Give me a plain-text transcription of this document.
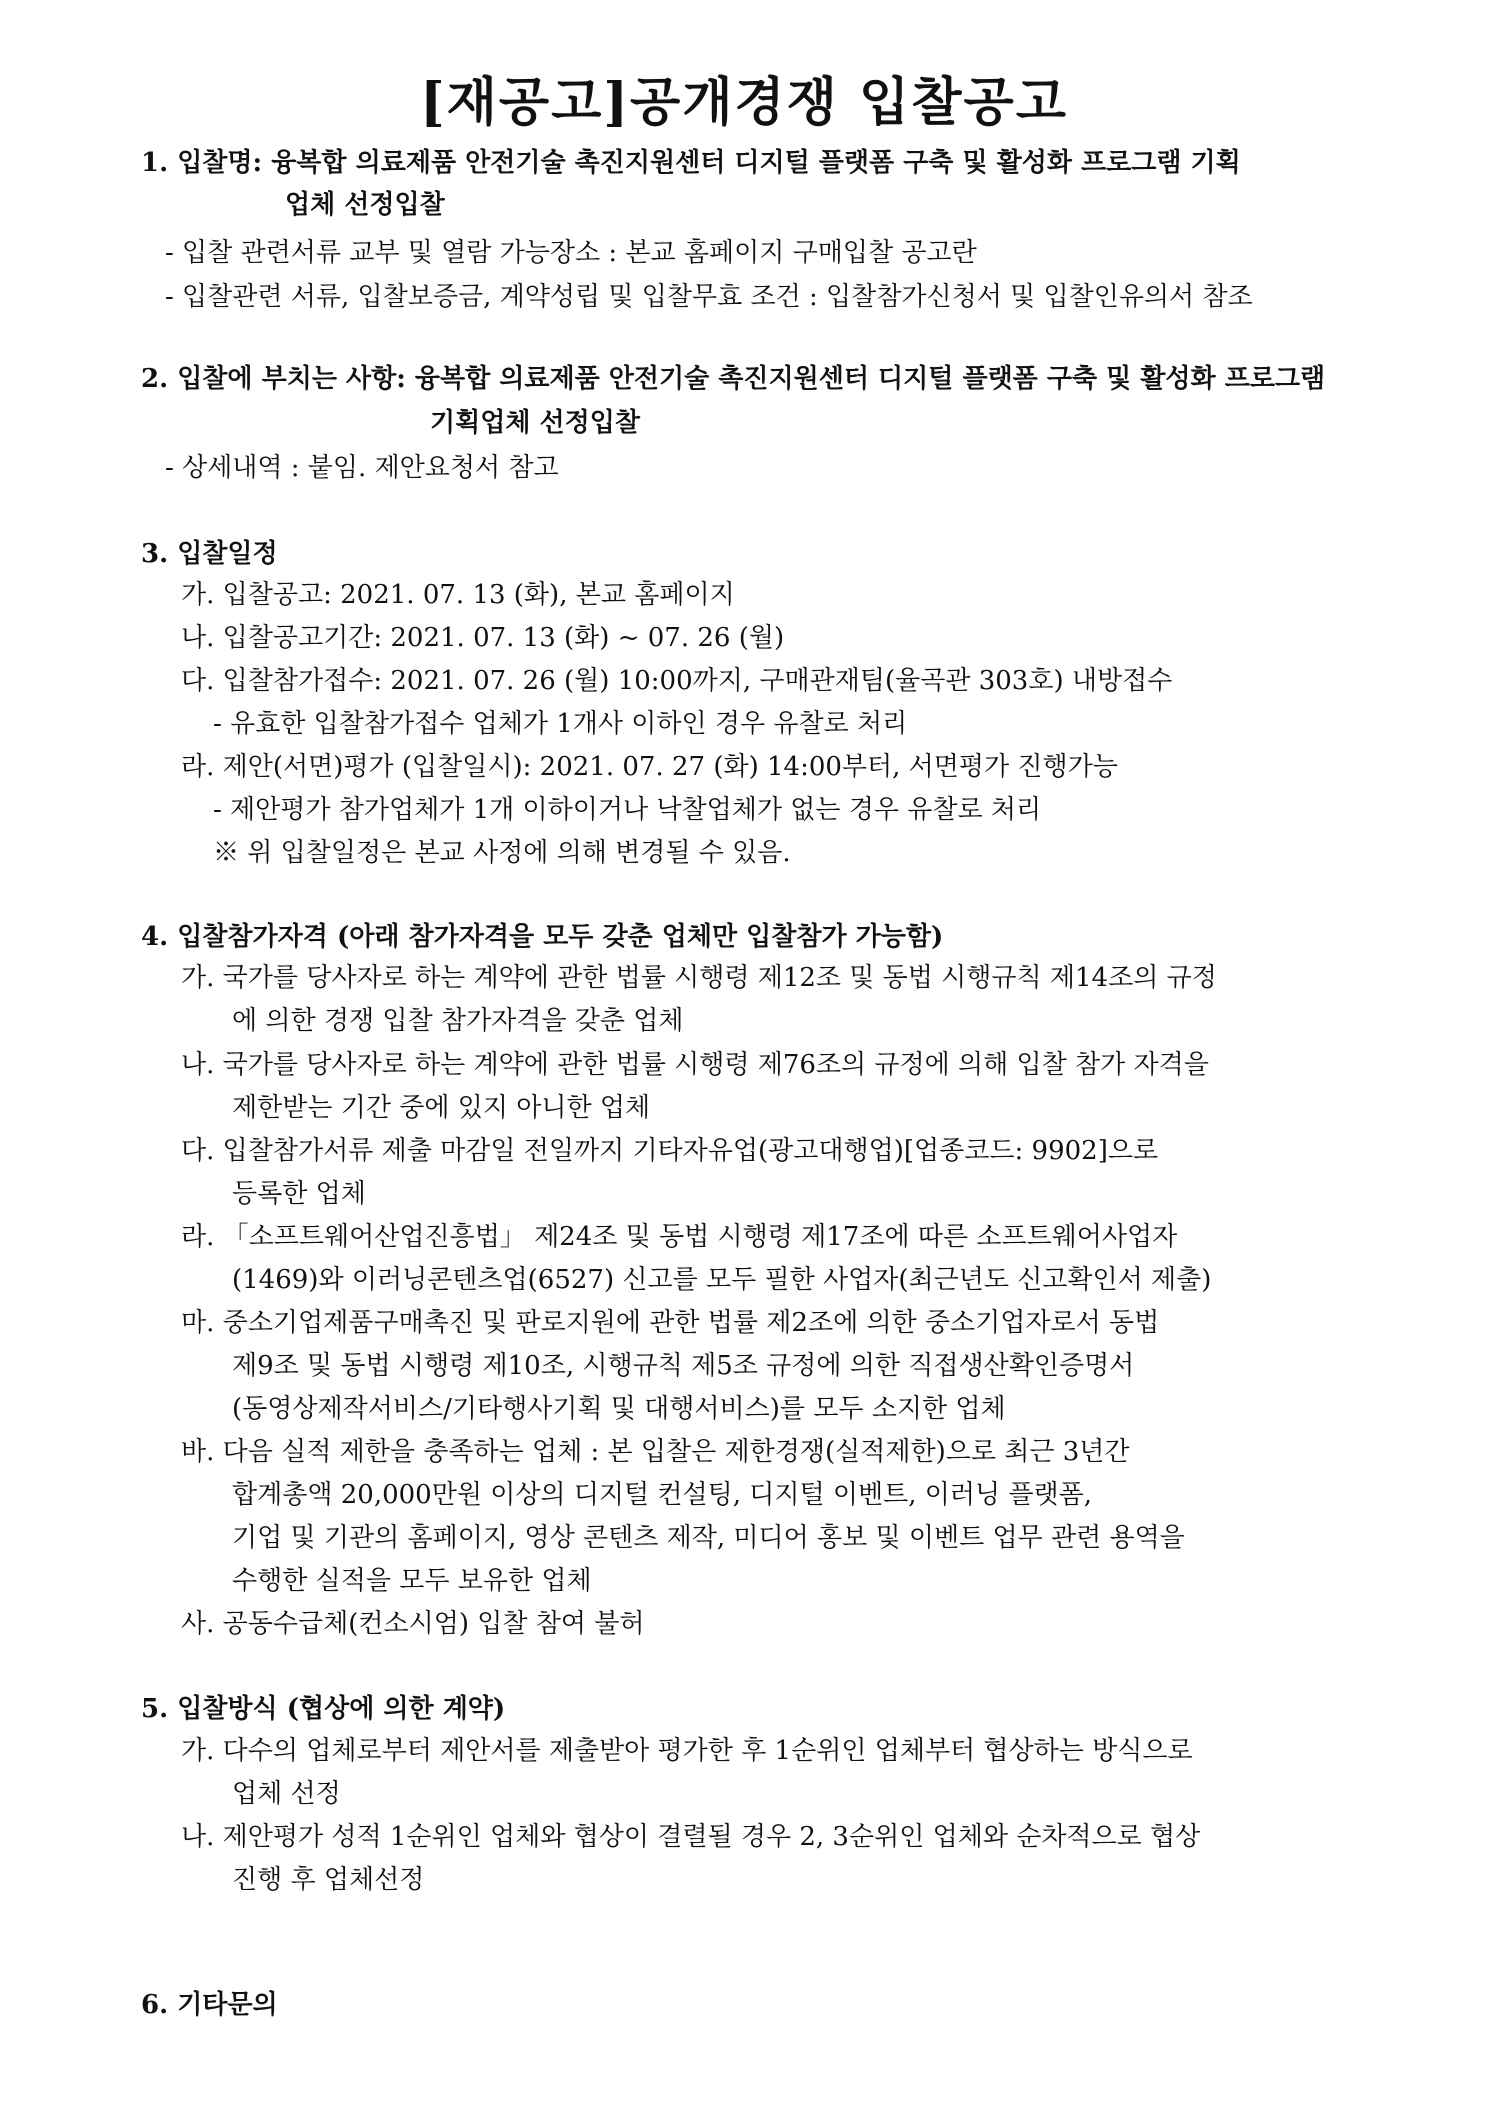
[재공고]공개경쟁 입찰공고

1. 입찰명: 융복합 의료제품 안전기술 촉진지원센터 디지털 플랫폼 구축 및 활성화 프로그램 기획

업체 선정입찰

- 입찰 관련서류 교부 및 열람 가능장소 : 본교 홈페이지 구매입찰 공고란

- 입찰관련 서류, 입찰보증금, 계약성립 및 입찰무효 조건 : 입찰참가신청서 및 입찰인유의서 참조

2. 입찰에 부치는 사항: 융복합 의료제품 안전기술 촉진지원센터 디지털 플랫폼 구축 및 활성화 프로그램

기획업체 선정입찰

- 상세내역 : 붙임. 제안요청서 참고

3. 입찰일정

가. 입찰공고: 2021. 07. 13 (화), 본교 홈페이지

나. 입찰공고기간: 2021. 07. 13 (화) ~ 07. 26 (월)

다. 입찰참가접수: 2021. 07. 26 (월) 10:00까지, 구매관재팀(율곡관 303호) 내방접수

- 유효한 입찰참가접수 업체가 1개사 이하인 경우 유찰로 처리

라. 제안(서면)평가 (입찰일시): 2021. 07. 27 (화) 14:00부터, 서면평가 진행가능

- 제안평가 참가업체가 1개 이하이거나 낙찰업체가 없는 경우 유찰로 처리

※ 위 입찰일정은 본교 사정에 의해 변경될 수 있음.

4. 입찰참가자격 (아래 참가자격을 모두 갖춘 업체만 입찰참가 가능함)

가. 국가를 당사자로 하는 계약에 관한 법률 시행령 제12조 및 동법 시행규칙 제14조의 규정

에 의한 경쟁 입찰 참가자격을 갖춘 업체

나. 국가를 당사자로 하는 계약에 관한 법률 시행령 제76조의 규정에 의해 입찰 참가 자격을

제한받는 기간 중에 있지 아니한 업체

다. 입찰참가서류 제출 마감일 전일까지 기타자유업(광고대행업)[업종코드: 9902]으로

등록한 업체

라. 「소프트웨어산업진흥법」 제24조 및 동법 시행령 제17조에 따른 소프트웨어사업자

(1469)와 이러닝콘텐츠업(6527) 신고를 모두 필한 사업자(최근년도 신고확인서 제출)

마. 중소기업제품구매촉진 및 판로지원에 관한 법률 제2조에 의한 중소기업자로서 동법

제9조 및 동법 시행령 제10조, 시행규칙 제5조 규정에 의한 직접생산확인증명서

(동영상제작서비스/기타행사기획 및 대행서비스)를 모두 소지한 업체

바. 다음 실적 제한을 충족하는 업체 : 본 입찰은 제한경쟁(실적제한)으로 최근 3년간

합계총액 20,000만원 이상의 디지털 컨설팅, 디지털 이벤트, 이러닝 플랫폼,

기업 및 기관의 홈페이지, 영상 콘텐츠 제작, 미디어 홍보 및 이벤트 업무 관련 용역을

수행한 실적을 모두 보유한 업체

사. 공동수급체(컨소시엄) 입찰 참여 불허

5. 입찰방식 (협상에 의한 계약)

가. 다수의 업체로부터 제안서를 제출받아 평가한 후 1순위인 업체부터 협상하는 방식으로

업체 선정

나. 제안평가 성적 1순위인 업체와 협상이 결렬될 경우 2, 3순위인 업체와 순차적으로 협상

진행 후 업체선정

6. 기타문의
